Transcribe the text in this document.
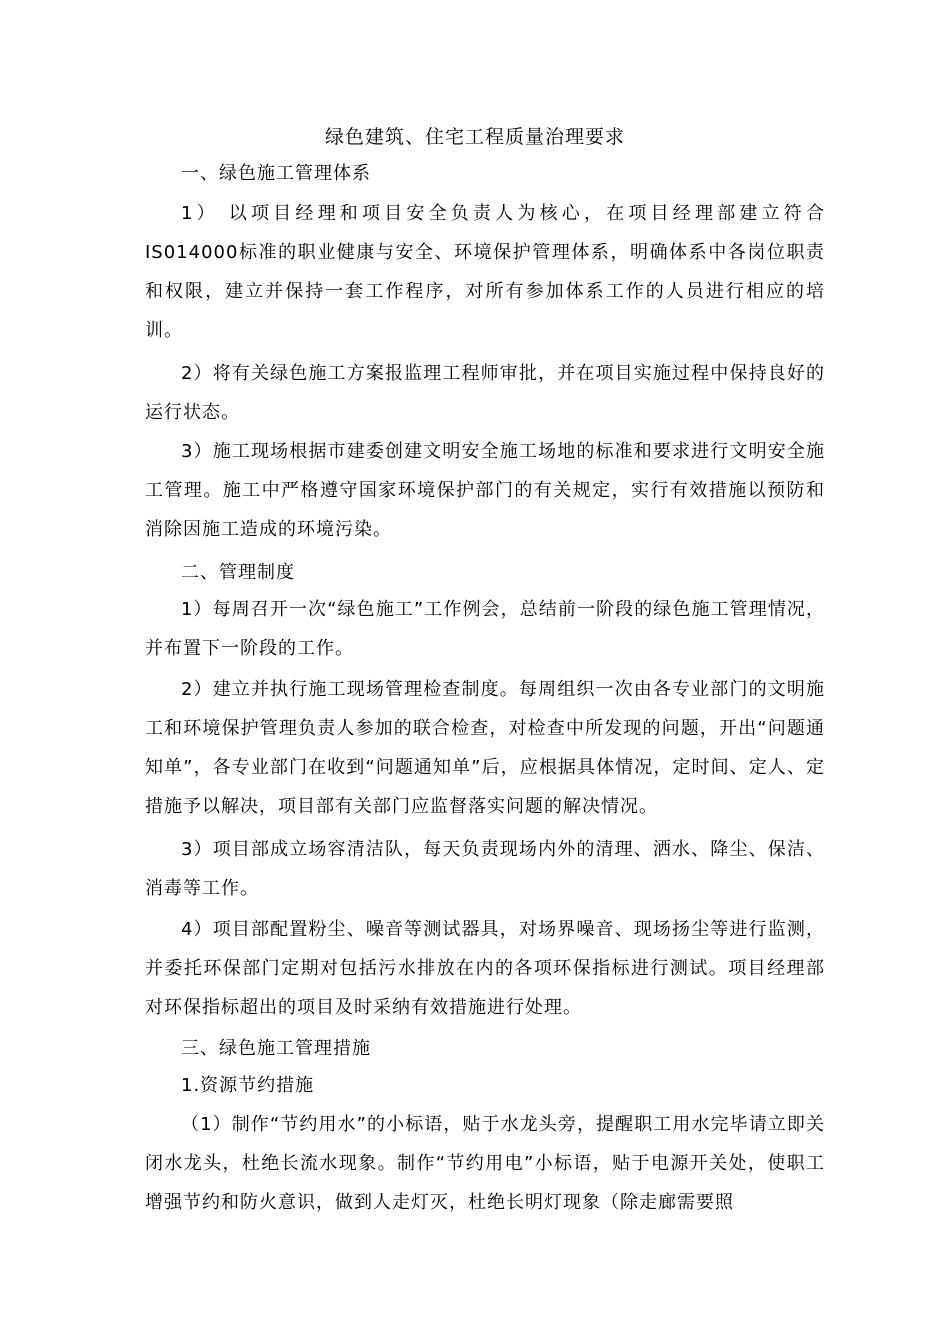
绿色建筑、住宅工程质量治理要求
一、绿色施工管理体系
1） 以项目经理和项目安全负责人为核心，在项目经理部建立符合IS014000标准的职业健康与安全、环境保护管理体系，明确体系中各岗位职责和权限，建立并保持一套工作程序，对所有参加体系工作的人员进行相应的培训。
2）将有关绿色施工方案报监理工程师审批，并在项目实施过程中保持良好的运行状态。
3）施工现场根据市建委创建文明安全施工场地的标准和要求进行文明安全施工管理。施工中严格遵守国家环境保护部门的有关规定，实行有效措施以预防和消除因施工造成的环境污染。
二、管理制度
1）每周召开一次“绿色施工”工作例会，总结前一阶段的绿色施工管理情况，并布置下一阶段的工作。
2）建立并执行施工现场管理检查制度。每周组织一次由各专业部门的文明施工和环境保护管理负责人参加的联合检查，对检查中所发现的问题，开出“问题通知单”，各专业部门在收到“问题通知单”后，应根据具体情况，定时间、定人、定措施予以解决，项目部有关部门应监督落实问题的解决情况。
3）项目部成立场容清洁队，每天负责现场内外的清理、洒水、降尘、保洁、消毒等工作。
4）项目部配置粉尘、噪音等测试器具，对场界噪音、现场扬尘等进行监测，并委托环保部门定期对包括污水排放在内的各项环保指标进行测试。项目经理部对环保指标超出的项目及时采纳有效措施进行处理。
三、绿色施工管理措施
1.资源节约措施
（1）制作“节约用水”的小标语，贴于水龙头旁，提醒职工用水完毕请立即关闭水龙头，杜绝长流水现象。制作“节约用电”小标语，贴于电源开关处，使职工增强节约和防火意识，做到人走灯灭，杜绝长明灯现象（除走廊需要照
